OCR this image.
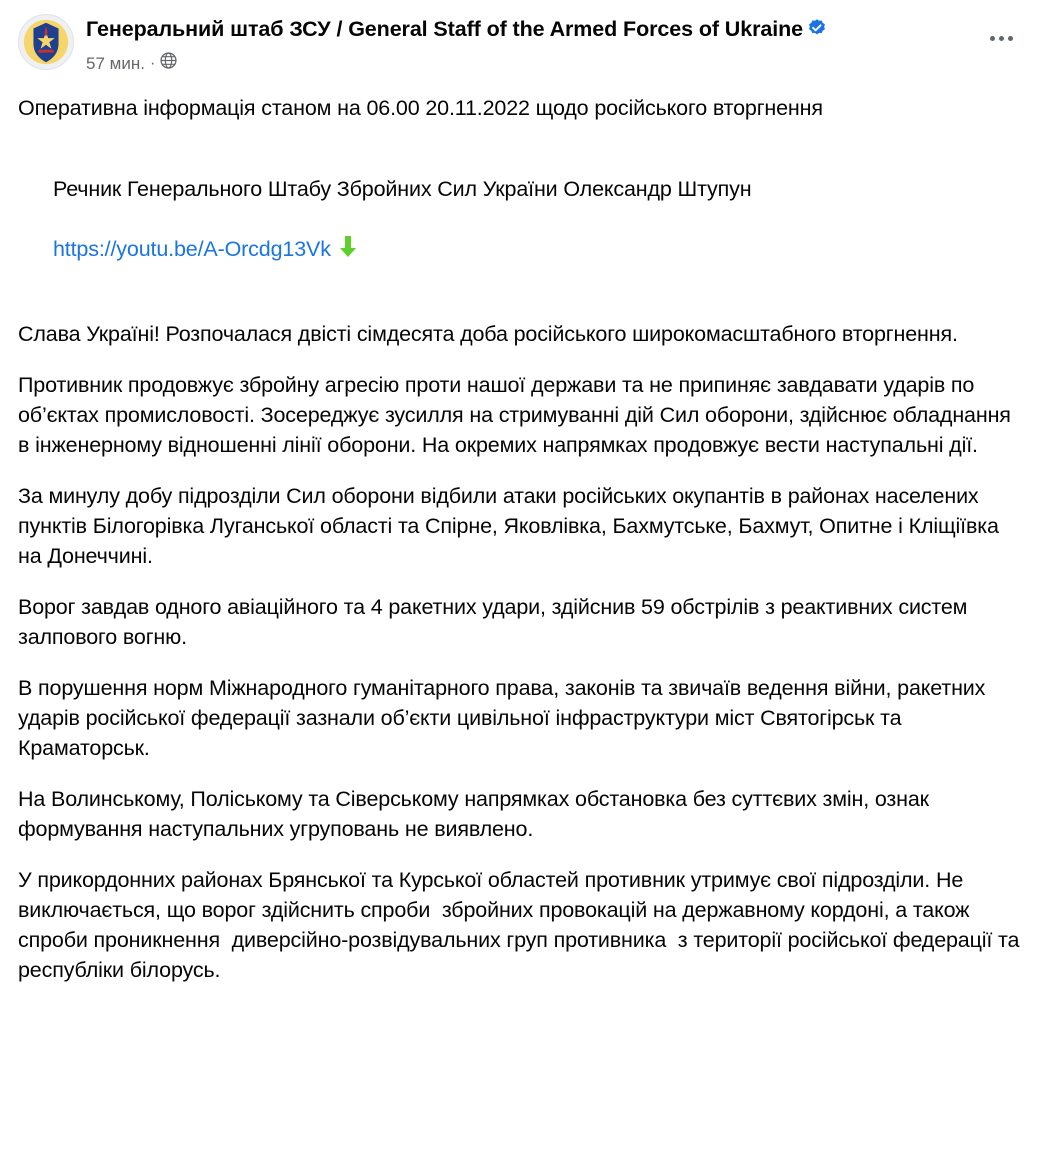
Генеральний штаб ЗСУ / General Staff of the Armed Forces of Ukraine
57 мин. ·

Оперативна інформація станом на 06.00 20.11.2022 щодо російського вторгнення

Речник Генерального Штабу Збройних Сил України Олександр Штупун

https://youtu.be/A-Orcdg13Vk

Слава Україні! Розпочалася двісті сімдесята доба російського широкомасштабного вторгнення.

Противник продовжує збройну агресію проти нашої держави та не припиняє завдавати ударів по об’єктах промисловості. Зосереджує зусилля на стримуванні дій Сил оборони, здійснює обладнання в інженерному відношенні лінії оборони. На окремих напрямках продовжує вести наступальні дії.

За минулу добу підрозділи Сил оборони відбили атаки російських окупантів в районах населених пунктів Білогорівка Луганської області та Спірне, Яковлівка, Бахмутське, Бахмут, Опитне і Кліщіївка на Донеччині.

Ворог завдав одного авіаційного та 4 ракетних удари, здійснив 59 обстрілів з реактивних систем залпового вогню.

В порушення норм Міжнародного гуманітарного права, законів та звичаїв ведення війни, ракетних ударів російської федерації зазнали об’єкти цивільної інфраструктури міст Святогірськ та Краматорськ.

На Волинському, Поліському та Сіверському напрямках обстановка без суттєвих змін, ознак формування наступальних угруповань не виявлено.

У прикордонних районах Брянської та Курської областей противник утримує свої підрозділи. Не виключається, що ворог здійснить спроби  збройних провокацій на державному кордоні, а також спроби проникнення  диверсійно-розвідувальних груп противника  з території російської федерації та республіки білорусь.
